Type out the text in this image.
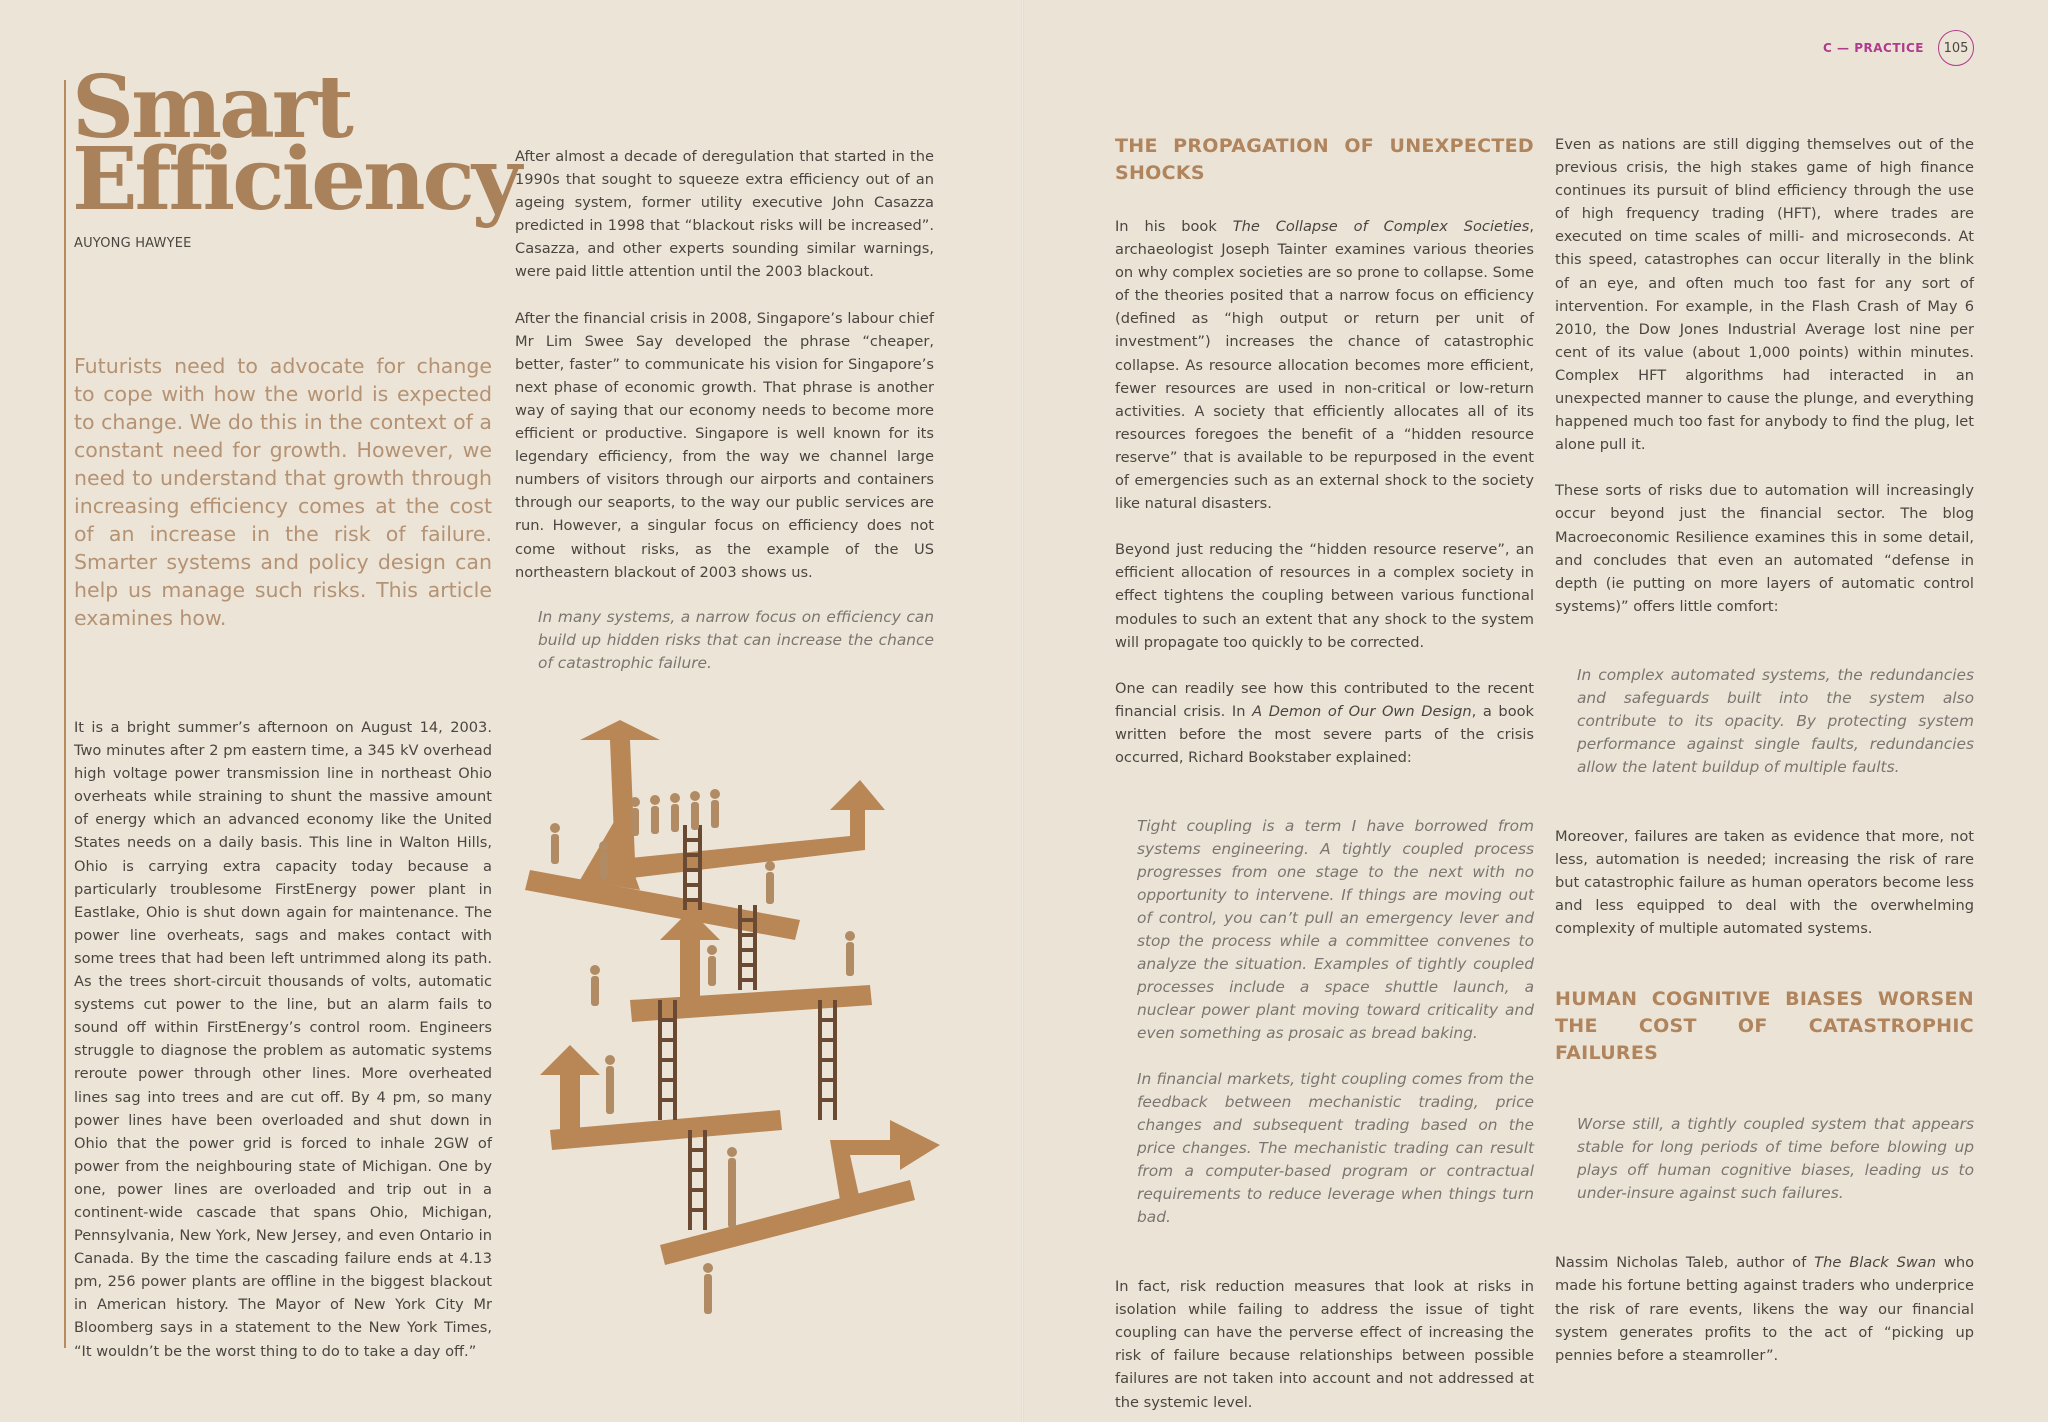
Smart
Efficiency
AUYONG HAWYEE

Futurists need to advocate for change to cope with how the world is expected to change. We do this in the context of a constant need for growth. However, we need to understand that growth through increasing efficiency comes at the cost of an increase in the risk of failure. Smarter systems and policy design can help us manage such risks. This article examines how.

It is a bright summer’s afternoon on August 14, 2003. Two minutes after 2 pm eastern time, a 345 kV overhead high voltage power transmission line in northeast Ohio overheats while straining to shunt the massive amount of energy which an advanced economy like the United States needs on a daily basis. This line in Walton Hills, Ohio is carrying extra capacity today because a particularly troublesome FirstEnergy power plant in Eastlake, Ohio is shut down again for maintenance. The power line overheats, sags and makes contact with some trees that had been left untrimmed along its path. As the trees short-circuit thousands of volts, automatic systems cut power to the line, but an alarm fails to sound off within FirstEnergy’s control room. Engineers struggle to diagnose the problem as automatic systems reroute power through other lines. More overheated lines sag into trees and are cut off. By 4 pm, so many power lines have been overloaded and shut down in Ohio that the power grid is forced to inhale 2GW of power from the neighbouring state of Michigan. One by one, power lines are overloaded and trip out in a continent-wide cascade that spans Ohio, Michigan, Pennsylvania, New York, New Jersey, and even Ontario in Canada. By the time the cascading failure ends at 4.13 pm, 256 power plants are offline in the biggest blackout in American history. The Mayor of New York City Mr Bloomberg says in a statement to the New York Times, “It wouldn’t be the worst thing to do to take a day off.”

After almost a decade of deregulation that started in the 1990s that sought to squeeze extra efficiency out of an ageing system, former utility executive John Casazza predicted in 1998 that “blackout risks will be increased”. Casazza, and other experts sounding similar warnings, were paid little attention until the 2003 blackout.

After the financial crisis in 2008, Singapore’s labour chief Mr Lim Swee Say developed the phrase “cheaper, better, faster” to communicate his vision for Singapore’s next phase of economic growth. That phrase is another way of saying that our economy needs to become more efficient or productive. Singapore is well known for its legendary efficiency, from the way we channel large numbers of visitors through our airports and containers through our seaports, to the way our public services are run. However, a singular focus on efficiency does not come without risks, as the example of the US northeastern blackout of 2003 shows us.

In many systems, a narrow focus on efficiency can build up hidden risks that can increase the chance of catastrophic failure.

C — PRACTICE	105
THE PROPAGATION OF UNEXPECTED SHOCKS

In his book The Collapse of Complex Societies, archaeologist Joseph Tainter examines various theories on why complex societies are so prone to collapse. Some of the theories posited that a narrow focus on efficiency (defined as “high output or return per unit of investment”) increases the chance of catastrophic collapse. As resource allocation becomes more efficient, fewer resources are used in non-critical or low-return activities. A society that efficiently allocates all of its resources foregoes the benefit of a “hidden resource reserve” that is available to be repurposed in the event of emergencies such as an external shock to the society like natural disasters.

Beyond just reducing the “hidden resource reserve”, an efficient allocation of resources in a complex society in effect tightens the coupling between various functional modules to such an extent that any shock to the system will propagate too quickly to be corrected.

One can readily see how this contributed to the recent financial crisis. In A Demon of Our Own Design, a book written before the most severe parts of the crisis occurred, Richard Bookstaber explained:

Tight coupling is a term I have borrowed from systems engineering. A tightly coupled process progresses from one stage to the next with no opportunity to intervene. If things are moving out of control, you can’t pull an emergency lever and stop the process while a committee convenes to analyze the situation. Examples of tightly coupled processes include a space shuttle launch, a nuclear power plant moving toward criticality and even something as prosaic as bread baking.

In financial markets, tight coupling comes from the feedback between mechanistic trading, price changes and subsequent trading based on the price changes. The mechanistic trading can result from a computer-based program or contractual requirements to reduce leverage when things turn bad.

In fact, risk reduction measures that look at risks in isolation while failing to address the issue of tight coupling can have the perverse effect of increasing the risk of failure because relationships between possible failures are not taken into account and not addressed at the systemic level.

Even as nations are still digging themselves out of the previous crisis, the high stakes game of high finance continues its pursuit of blind efficiency through the use of high frequency trading (HFT), where trades are executed on time scales of milli- and microseconds. At this speed, catastrophes can occur literally in the blink of an eye, and often much too fast for any sort of intervention. For example, in the Flash Crash of May 6 2010, the Dow Jones Industrial Average lost nine per cent of its value (about 1,000 points) within minutes. Complex HFT algorithms had interacted in an unexpected manner to cause the plunge, and everything happened much too fast for anybody to find the plug, let alone pull it.

These sorts of risks due to automation will increasingly occur beyond just the financial sector. The blog Macroeconomic Resilience examines this in some detail, and concludes that even an automated “defense in depth (ie putting on more layers of automatic control systems)” offers little comfort:

In complex automated systems, the redundancies and safeguards built into the system also contribute to its opacity. By protecting system performance against single faults, redundancies allow the latent buildup of multiple faults.

Moreover, failures are taken as evidence that more, not less, automation is needed; increasing the risk of rare but catastrophic failure as human operators become less and less equipped to deal with the overwhelming complexity of multiple automated systems.

HUMAN COGNITIVE BIASES WORSEN THE COST OF CATASTROPHIC FAILURES

Worse still, a tightly coupled system that appears stable for long periods of time before blowing up plays off human cognitive biases, leading us to under-insure against such failures.

Nassim Nicholas Taleb, author of The Black Swan who made his fortune betting against traders who underprice the risk of rare events, likens the way our financial system generates profits to the act of “picking up pennies before a steamroller”.
